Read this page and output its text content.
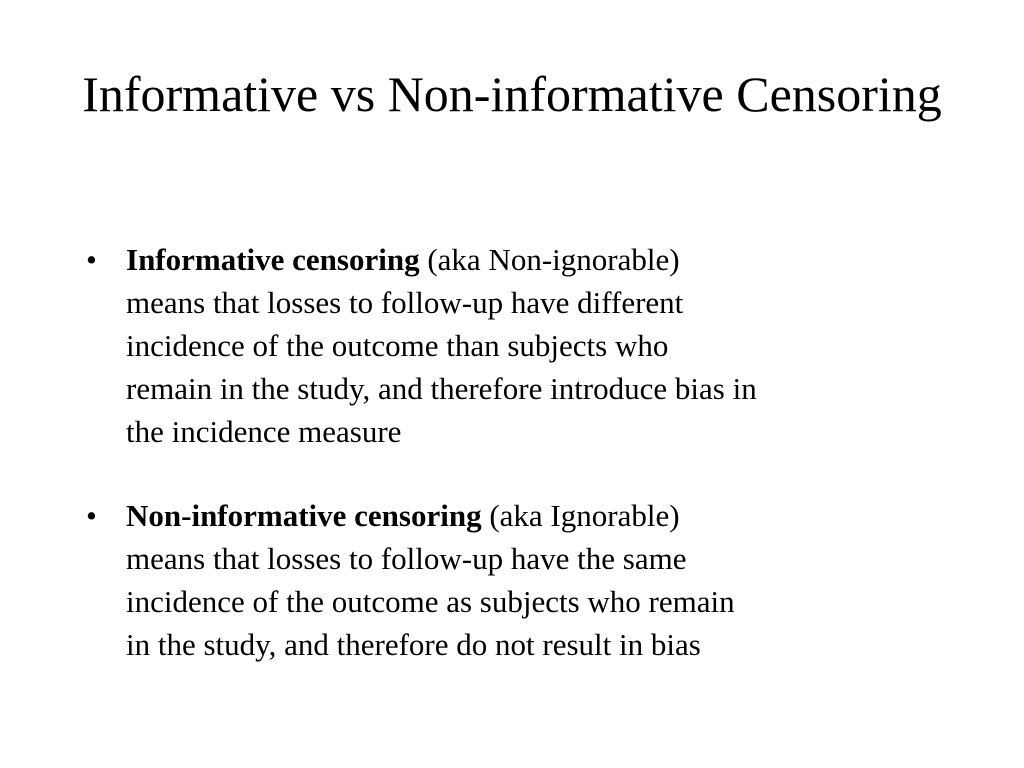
Informative vs Non-informative Censoring
• Informative censoring (aka Non-ignorable)
means that losses to follow-up have different
incidence of the outcome than subjects who
remain in the study, and therefore introduce bias in
the incidence measure
• Non-informative censoring (aka Ignorable)
means that losses to follow-up have the same
incidence of the outcome as subjects who remain
in the study, and therefore do not result in bias
